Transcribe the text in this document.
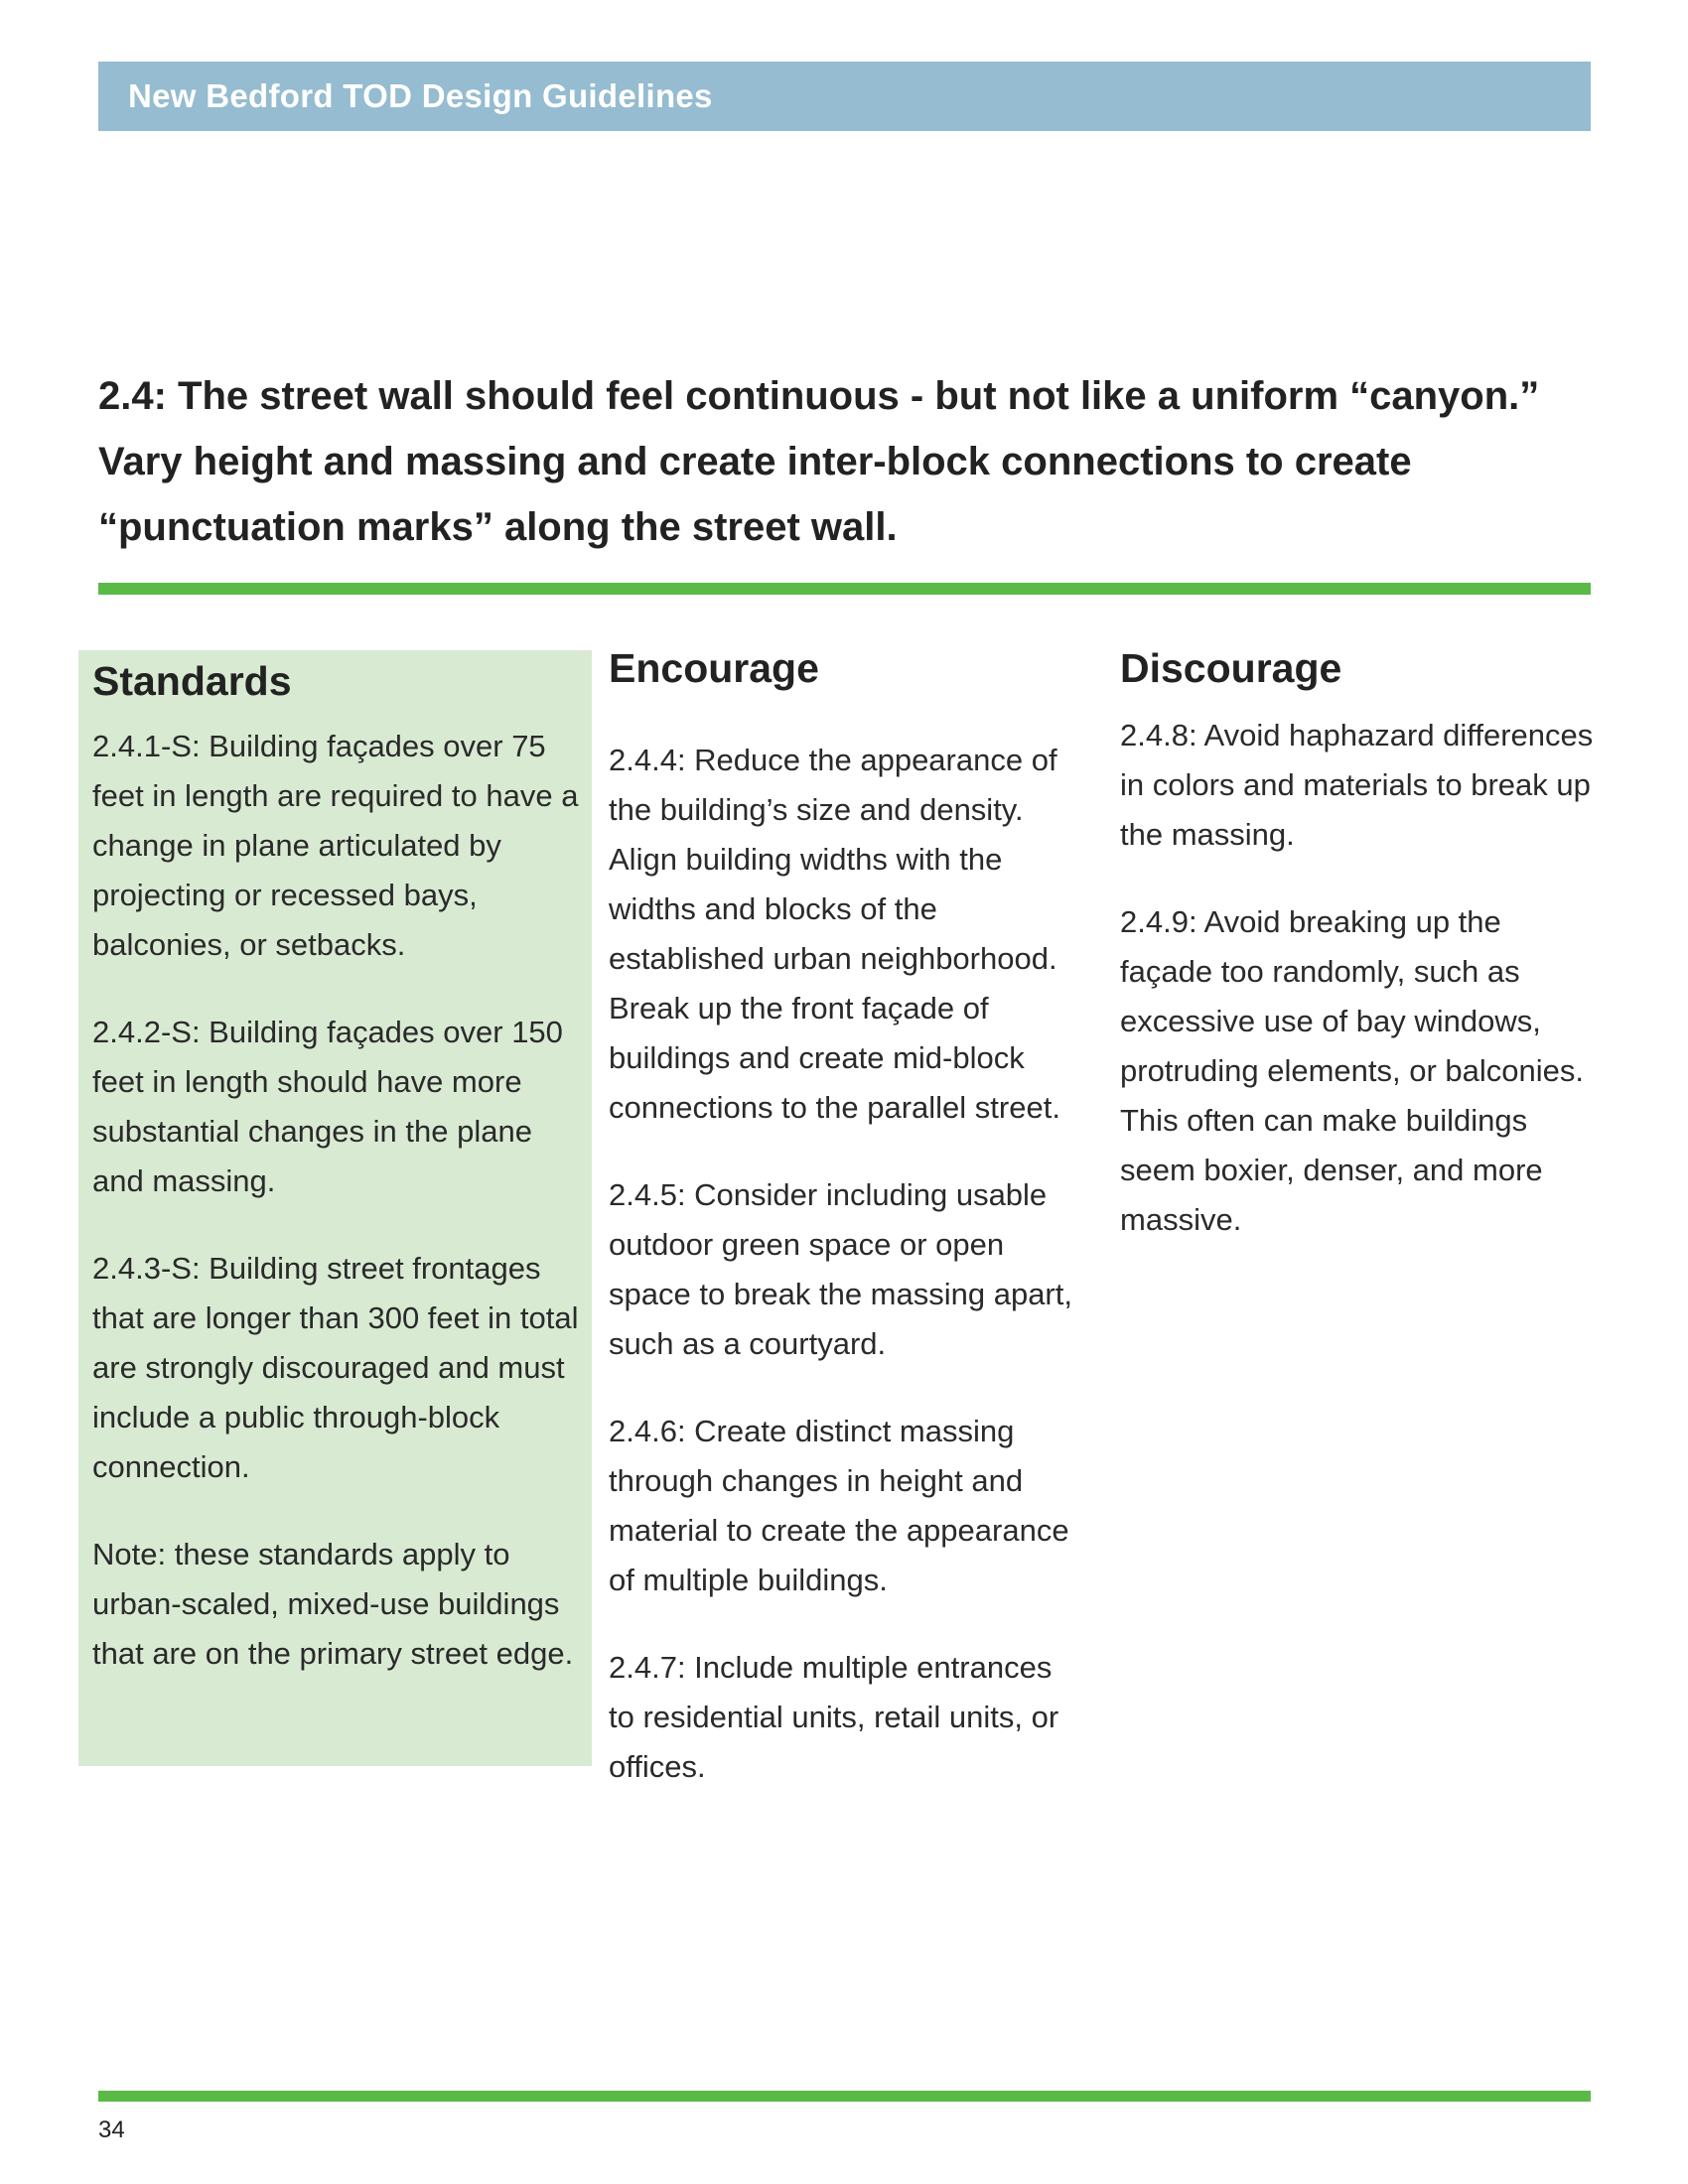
New Bedford TOD Design Guidelines
2.4: The street wall should feel continuous - but not like a uniform “canyon.” Vary height and massing and create inter-block connections to create “punctuation marks” along the street wall.
Standards

2.4.1-S: Building façades over 75 feet in length are required to have a change in plane articulated by projecting or recessed bays, balconies, or setbacks.

2.4.2-S: Building façades over 150 feet in length should have more substantial changes in the plane and massing.

2.4.3-S: Building street frontages that are longer than 300 feet in total are strongly discouraged and must include a public through-block connection.

Note: these standards apply to urban-scaled, mixed-use buildings that are on the primary street edge.

Encourage

2.4.4: Reduce the appearance of the building’s size and density. Align building widths with the widths and blocks of the established urban neighborhood. Break up the front façade of buildings and create mid-block connections to the parallel street.

2.4.5: Consider including usable outdoor green space or open space to break the massing apart, such as a courtyard.

2.4.6: Create distinct massing through changes in height and material to create the appearance of multiple buildings.

2.4.7: Include multiple entrances to residential units, retail units, or offices.

Discourage

2.4.8: Avoid haphazard differences in colors and materials to break up the massing.

2.4.9: Avoid breaking up the façade too randomly, such as excessive use of bay windows, protruding elements, or balconies. This often can make buildings seem boxier, denser, and more massive.

34
